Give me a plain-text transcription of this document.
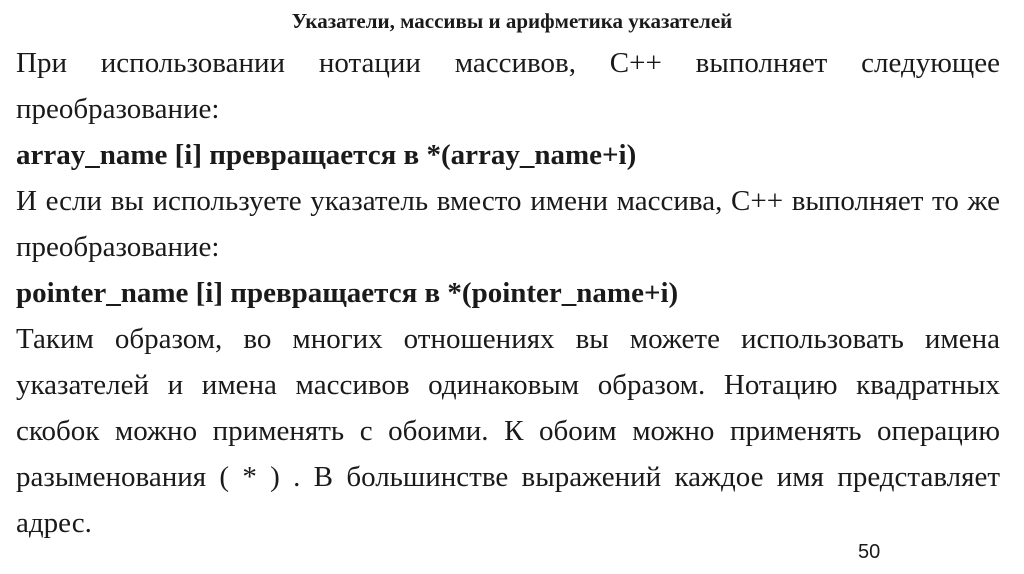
Указатели, массивы и арифметика указателей

При использовании нотации массивов, С++ выполняет следующее преобразование:

array_name [i] превращается в *(array_name+i)

И если вы используете указатель вместо имени массива, С++ выполняет то же преобразование:

pointer_name [i] превращается в *(pointer_name+i)

Таким образом, во многих отношениях вы можете использовать имена указателей и имена массивов одинаковым образом. Нотацию квадратных скобок можно применять с обоими. К обоим можно применять операцию разыменования ( * ) . В большинстве выражений каждое имя представляет адрес.

50
